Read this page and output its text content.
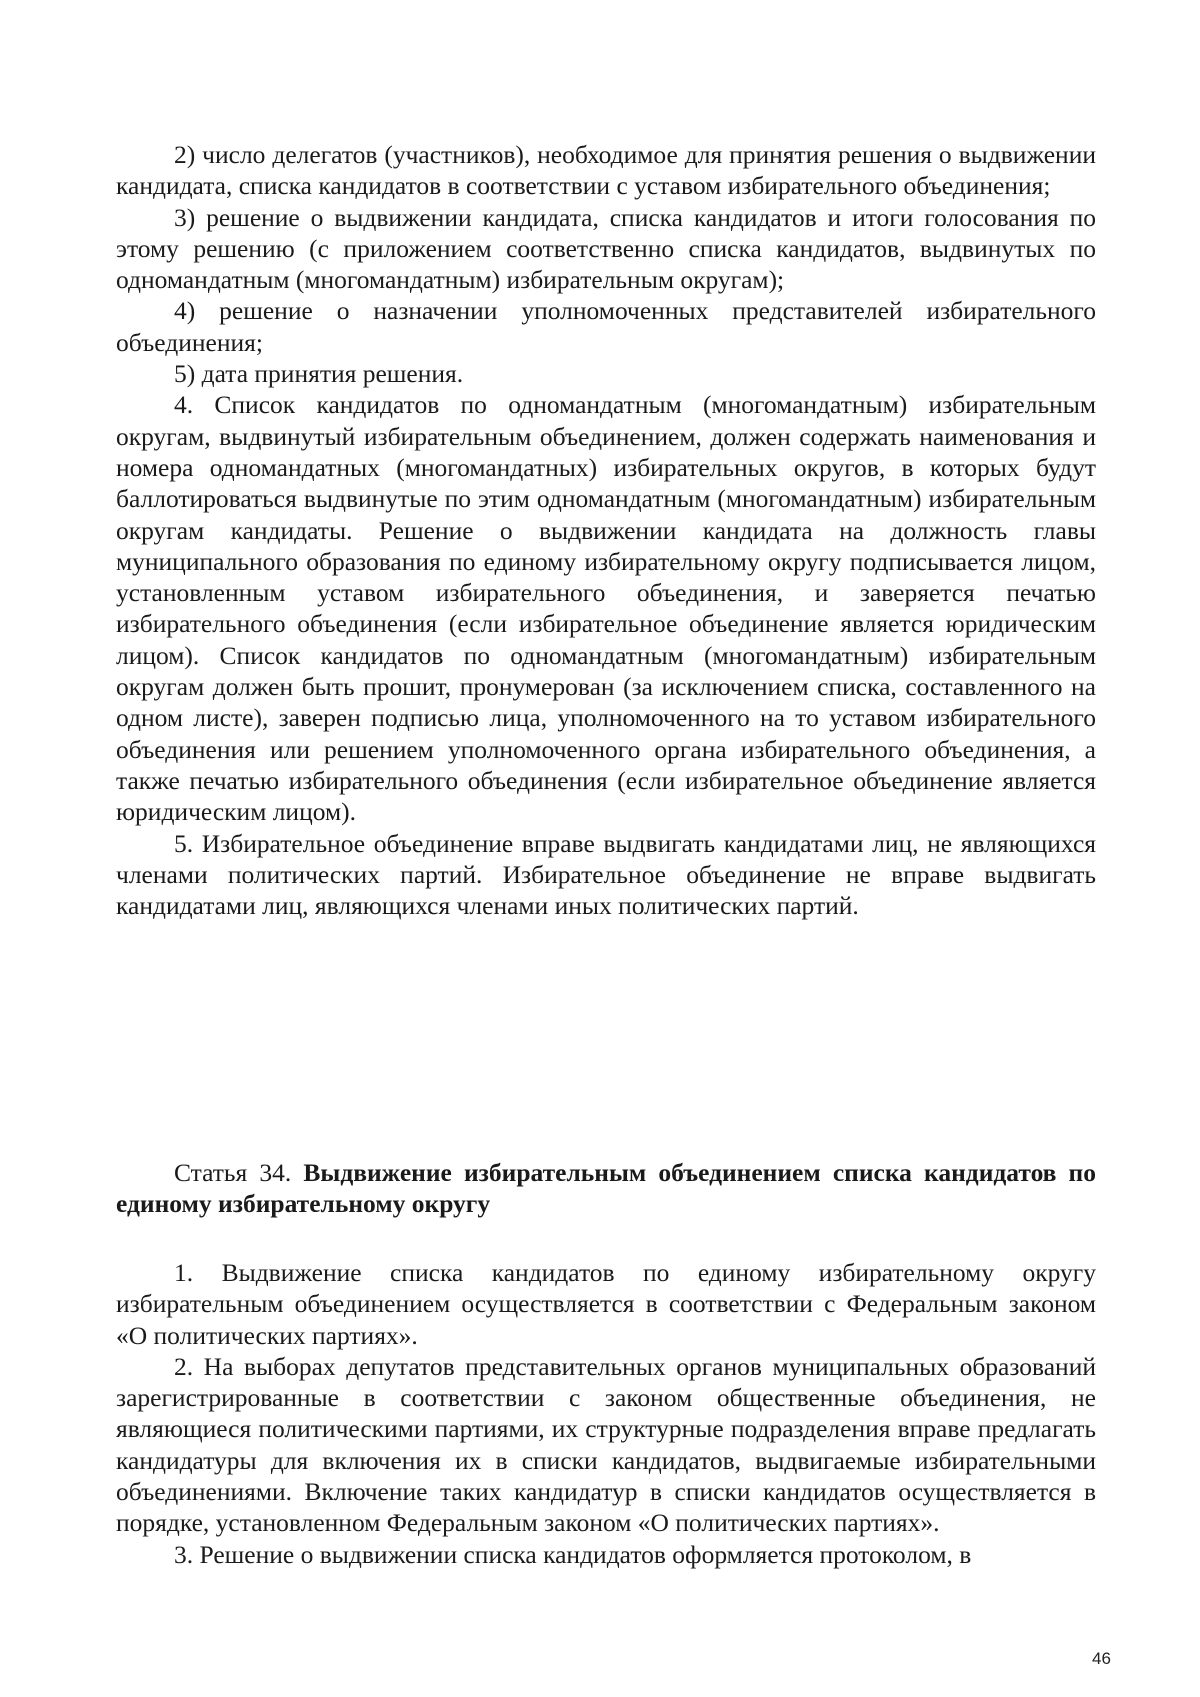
2) число делегатов (участников), необходимое для принятия решения о выдвижении кандидата, списка кандидатов в соответствии с уставом избирательного объединения;

3) решение о выдвижении кандидата, списка кандидатов и итоги голосования по этому решению (с приложением соответственно списка кандидатов, выдвинутых по одномандатным (многомандатным) избирательным округам);

4) решение о назначении уполномоченных представителей избирательного объединения;

5) дата принятия решения.

4. Список кандидатов по одномандатным (многомандатным) избирательным округам, выдвинутый избирательным объединением, должен содержать наименования и номера одномандатных (многомандатных) избирательных округов, в которых будут баллотироваться выдвинутые по этим одномандатным (многомандатным) избирательным округам кандидаты. Решение о выдвижении кандидата на должность главы муниципального образования по единому избирательному округу подписывается лицом, установленным уставом избирательного объединения, и заверяется печатью избирательного объединения (если избирательное объединение является юридическим лицом). Список кандидатов по одномандатным (многомандатным) избирательным округам должен быть прошит, пронумерован (за исключением списка, составленного на одном листе), заверен подписью лица, уполномоченного на то уставом избирательного объединения или решением уполномоченного органа избирательного объединения, а также печатью избирательного объединения (если избирательное объединение является юридическим лицом).

5. Избирательное объединение вправе выдвигать кандидатами лиц, не являющихся членами политических партий. Избирательное объединение не вправе выдвигать кандидатами лиц, являющихся членами иных политических партий.

Статья 34. Выдвижение избирательным объединением списка кандидатов по единому избирательному округу

1. Выдвижение списка кандидатов по единому избирательному округу избирательным объединением осуществляется в соответствии с Федеральным законом «О политических партиях».

2. На выборах депутатов представительных органов муниципальных образований зарегистрированные в соответствии с законом общественные объединения, не являющиеся политическими партиями, их структурные подразделения вправе предлагать кандидатуры для включения их в списки кандидатов, выдвигаемые избирательными объединениями. Включение таких кандидатур в списки кандидатов осуществляется в порядке, установленном Федеральным законом «О политических партиях».

3. Решение о выдвижении списка кандидатов оформляется протоколом, в

46
